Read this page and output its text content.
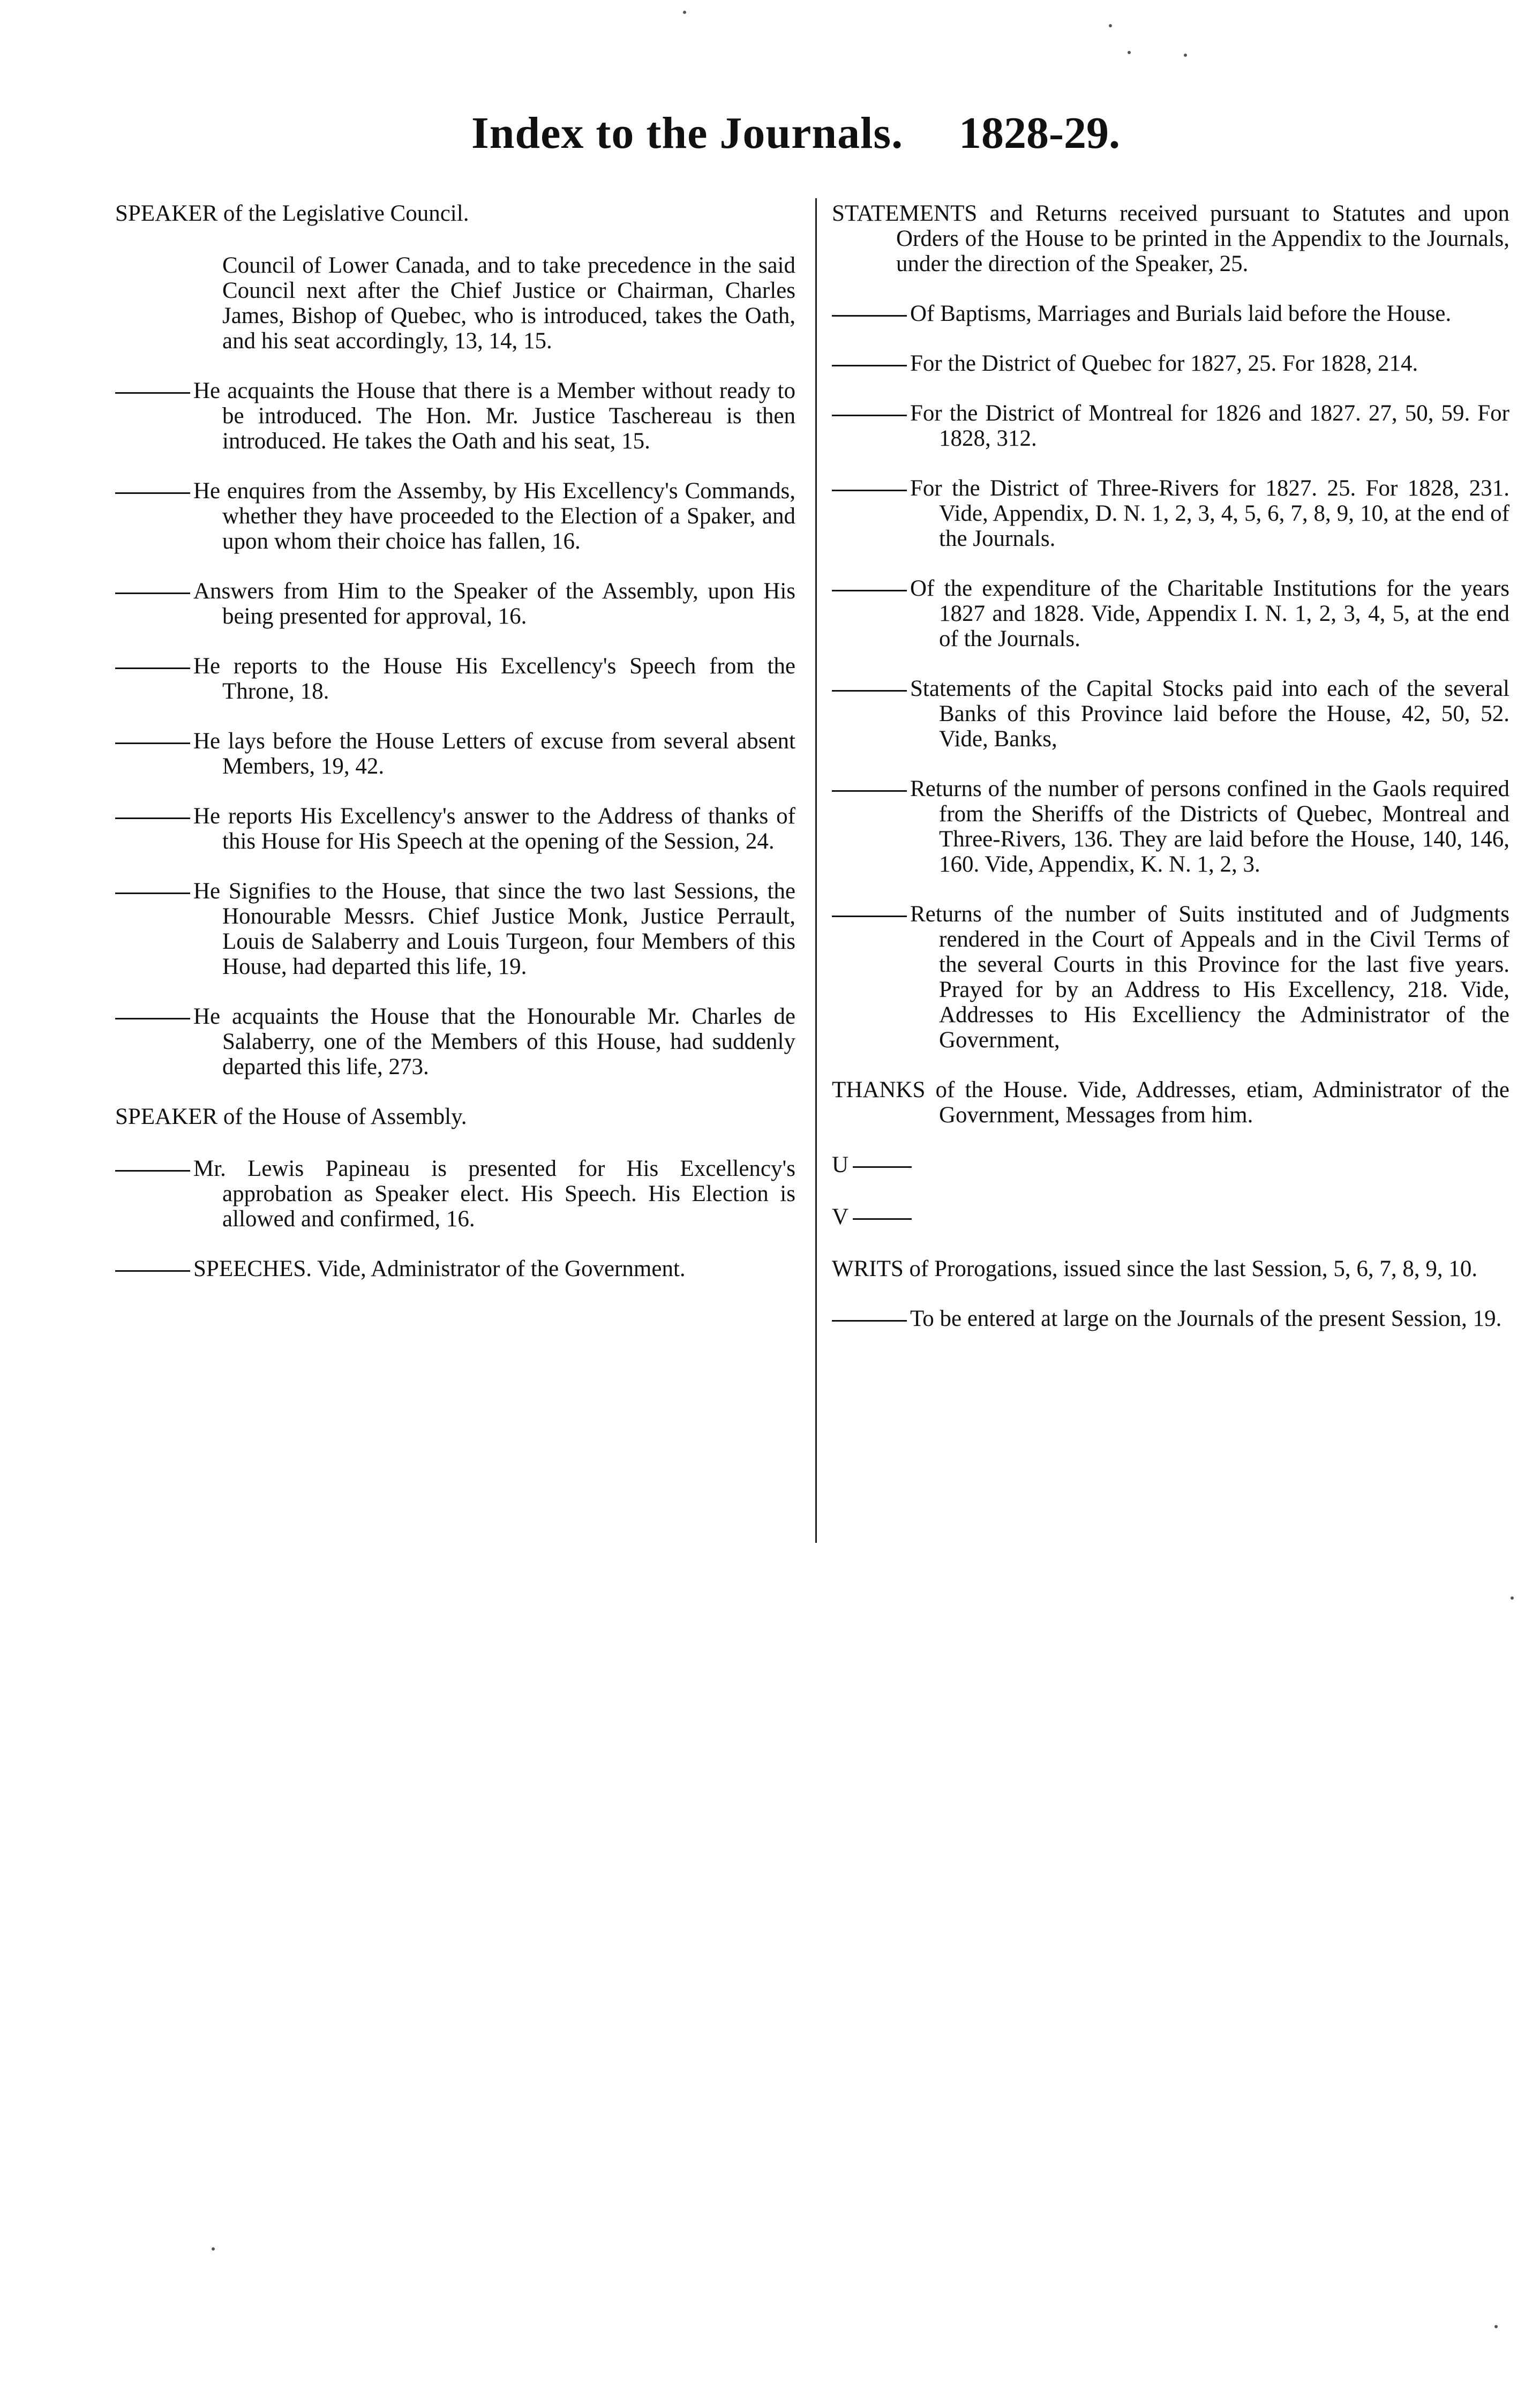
Index to the Journals. 1828-29.
SPEAKER of the Legislative Council.
Council of Lower Canada, and to take precedence in the said Council next after the Chief Justice or Chairman, Charles James, Bishop of Quebec, who is introduced, takes the Oath, and his seat accordingly, 13, 14, 15.
He acquaints the House that there is a Member without ready to be introduced. The Hon. Mr. Justice Taschereau is then introduced. He takes the Oath and his seat, 15.
He enquires from the Assemby, by His Excellency's Commands, whether they have proceeded to the Election of a Spaker, and upon whom their choice has fallen, 16.
Answers from Him to the Speaker of the Assembly, upon His being presented for approval, 16.
He reports to the House His Excellency's Speech from the Throne, 18.
He lays before the House Letters of excuse from several absent Members, 19, 42.
He reports His Excellency's answer to the Address of thanks of this House for His Speech at the opening of the Session, 24.
He Signifies to the House, that since the two last Sessions, the Honourable Messrs. Chief Justice Monk, Justice Perrault, Louis de Salaberry and Louis Turgeon, four Members of this House, had departed this life, 19.
He acquaints the House that the Honourable Mr. Charles de Salaberry, one of the Members of this House, had suddenly departed this life, 273.
SPEAKER of the House of Assembly.
Mr. Lewis Papineau is presented for His Excellency's approbation as Speaker elect. His Speech. His Election is allowed and confirmed, 16.
SPEECHES. Vide, Administrator of the Government.
STATEMENTS and Returns received pursuant to Statutes and upon Orders of the House to be printed in the Appendix to the Journals, under the direction of the Speaker, 25.
Of Baptisms, Marriages and Burials laid before the House.
For the District of Quebec for 1827, 25. For 1828, 214.
For the District of Montreal for 1826 and 1827. 27, 50, 59. For 1828, 312.
For the District of Three-Rivers for 1827. 25. For 1828, 231. Vide, Appendix, D. N. 1, 2, 3, 4, 5, 6, 7, 8, 9, 10, at the end of the Journals.
Of the expenditure of the Charitable Institutions for the years 1827 and 1828. Vide, Appendix I. N. 1, 2, 3, 4, 5, at the end of the Journals.
Statements of the Capital Stocks paid into each of the several Banks of this Province laid before the House, 42, 50, 52. Vide, Banks,
Returns of the number of persons confined in the Gaols required from the Sheriffs of the Districts of Quebec, Montreal and Three-Rivers, 136. They are laid before the House, 140, 146, 160. Vide, Appendix, K. N. 1, 2, 3.
Returns of the number of Suits instituted and of Judgments rendered in the Court of Appeals and in the Civil Terms of the several Courts in this Province for the last five years. Prayed for by an Address to His Excellency, 218. Vide, Addresses to His Excelliency the Administrator of the Government,
THANKS of the House. Vide, Addresses, etiam, Administrator of the Government, Messages from him.
U
V
WRITS of Prorogations, issued since the last Session, 5, 6, 7, 8, 9, 10.
To be entered at large on the Journals of the present Session, 19.
